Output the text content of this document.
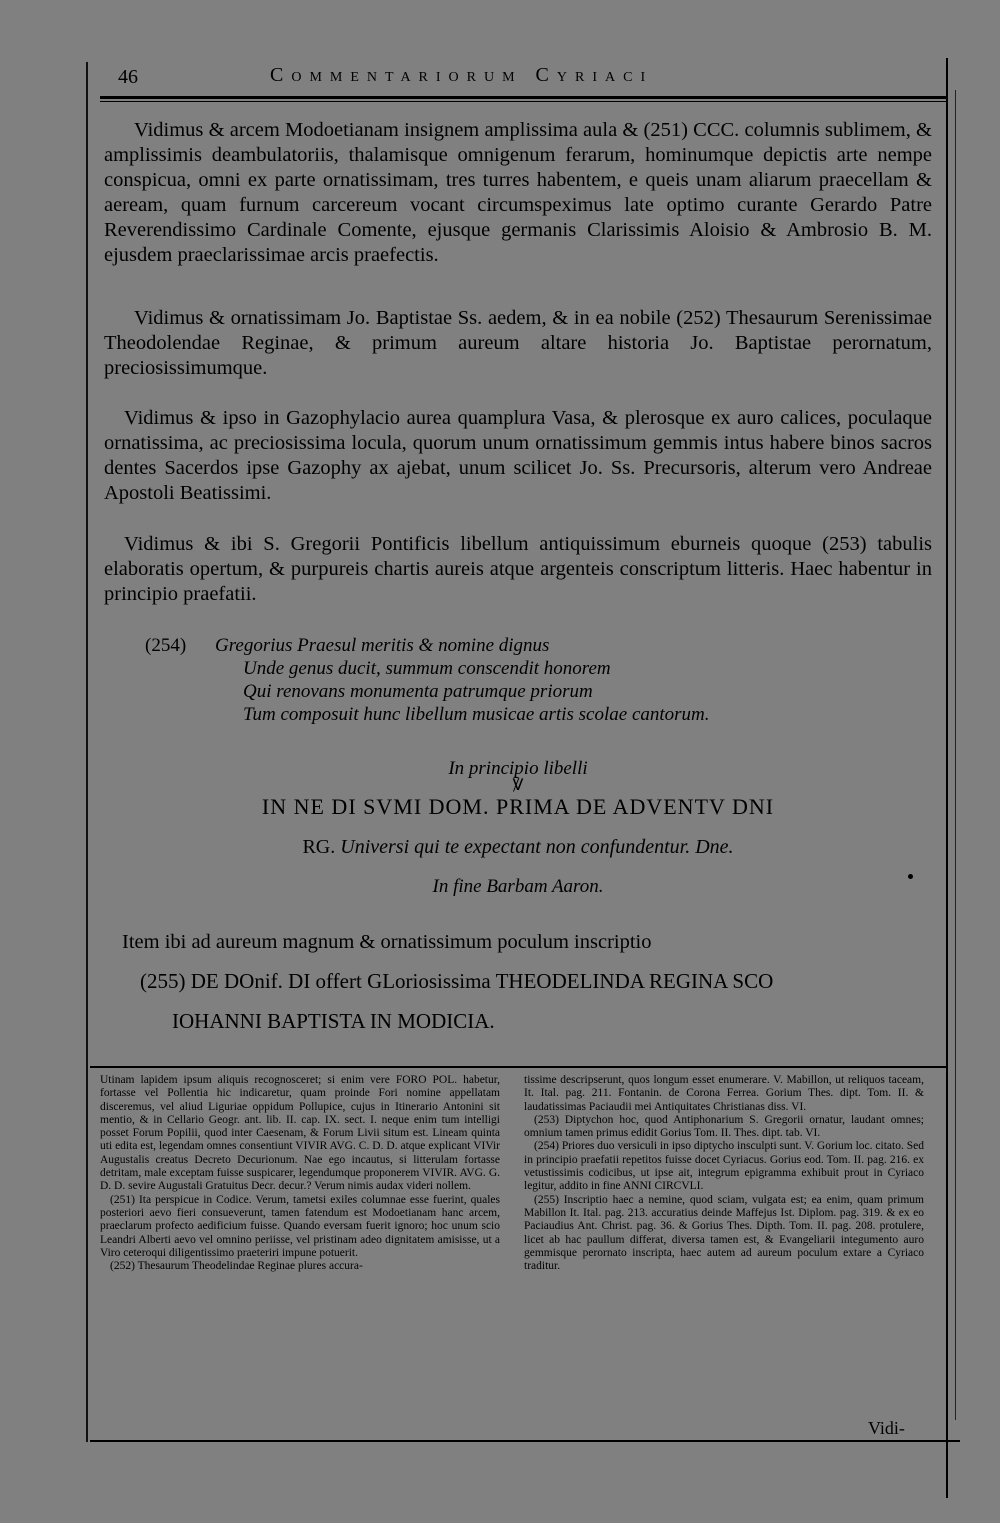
46	Commentariorum Cyriaci
Vidimus & arcem Modoetianam insignem amplissima aula & (251) CCC. columnis sublimem, & amplissimis deambulatoriis, thalamisque omnigenum ferarum, hominumque depictis arte nempe conspicua, omni ex parte ornatissimam, tres turres habentem, e queis unam aliarum praecellam & aeream, quam furnum carcereum vocant circumspeximus late optimo curante Gerardo Patre Reverendissimo Cardinale Comente, ejusque germanis Clarissimis Aloisio & Ambrosio B. M. ejusdem praeclarissimae arcis praefectis.
Vidimus & ornatissimam Jo. Baptistae Ss. aedem, & in ea nobile (252) Thesaurum Serenissimae Theodolendae Reginae, & primum aureum altare historia Jo. Baptistae perornatum, preciosissimumque.
Vidimus & ipso in Gazophylacio aurea quamplura Vasa, & plerosque ex auro calices, poculaque ornatissima, ac preciosissima locula, quorum unum ornatissimum gemmis intus habere binos sacros dentes Sacerdos ipse Gazophy ax ajebat, unum scilicet Jo. Ss. Precursoris, alterum vero Andreae Apostoli Beatissimi.
Vidimus & ibi S. Gregorii Pontificis libellum antiquissimum eburneis quoque (253) tabulis elaboratis opertum, & purpureis chartis aureis atque argenteis conscriptum litteris. Haec habentur in principio praefatii.
(254) Gregorius Praesul meritis & nomine dignus
Unde genus ducit, summum conscendit honorem
Qui renovans monumenta patrumque priorum
Tum composuit hunc libellum musicae artis scolae cantorum.
In principio libelli
℣
IN NE DI SVMI DOM. PRIMA DE ADVENTV DNI
RG. Universi qui te expectant non confundentur. Dne.
In fine Barbam Aaron.
Item ibi ad aureum magnum & ornatissimum poculum inscriptio
(255) DE DOnif. DI offert GLoriosissima THEODELINDA REGINA SCO
IOHANNI BAPTISTA IN MODICIA.

Utinam lapidem ipsum aliquis recognosceret; si enim vere FORO POL. habetur, fortasse vel Pollentia hic indicaretur, quam proinde Fori nomine appellatam disceremus, vel aliud Liguriae oppidum Pollupice, cujus in Itinerario Antonini sit mentio, & in Cellario Geogr. ant. lib. II. cap. IX. sect. I. neque enim tum intelligi posset Forum Popilii, quod inter Caesenam, & Forum Livii situm est. Lineam quinta uti edita est, legendam omnes consentiunt VIVIR AVG. C. D. D. atque explicant VIVir Augustalis creatus Decreto Decurionum. Nae ego incautus, si litterulam fortasse detritam, male exceptam fuisse suspicarer, legendumque proponerem VIVIR. AVG. G. D. D. sevire Augustali Gratuitus Decr. decur.? Verum nimis audax videri nollem.

(251) Ita perspicue in Codice. Verum, tametsi exiles columnae esse fuerint, quales posteriori aevo fieri consueverunt, tamen fatendum est Modoetianam hanc arcem, praeclarum profecto aedificium fuisse. Quando eversam fuerit ignoro; hoc unum scio Leandri Alberti aevo vel omnino periisse, vel pristinam adeo dignitatem amisisse, ut a Viro ceteroqui diligentissimo praeteriri impune potuerit.

(252) Thesaurum Theodelindae Reginae plures accura-

tissime descripserunt, quos longum esset enumerare. V. Mabillon, ut reliquos taceam, It. Ital. pag. 211. Fontanin. de Corona Ferrea. Gorium Thes. dipt. Tom. II. & laudatissimas Paciaudii mei Antiquitates Christianas diss. VI.

(253) Diptychon hoc, quod Antiphonarium S. Gregorii ornatur, laudant omnes; omnium tamen primus edidit Gorius Tom. II. Thes. dipt. tab. VI.

(254) Priores duo versiculi in ipso diptycho insculpti sunt. V. Gorium loc. citato. Sed in principio praefatii repetitos fuisse docet Cyriacus. Gorius eod. Tom. II. pag. 216. ex vetustissimis codicibus, ut ipse ait, integrum epigramma exhibuit prout in Cyriaco legitur, addito in fine ANNI CIRCVLI.

(255) Inscriptio haec a nemine, quod sciam, vulgata est; ea enim, quam primum Mabillon It. Ital. pag. 213. accuratius deinde Maffejus Ist. Diplom. pag. 319. & ex eo Paciaudius Ant. Christ. pag. 36. & Gorius Thes. Dipth. Tom. II. pag. 208. protulere, licet ab hac paullum differat, diversa tamen est, & Evangeliarii integumento auro gemmisque perornato inscripta, haec autem ad aureum poculum extare a Cyriaco traditur.

Vidi-
